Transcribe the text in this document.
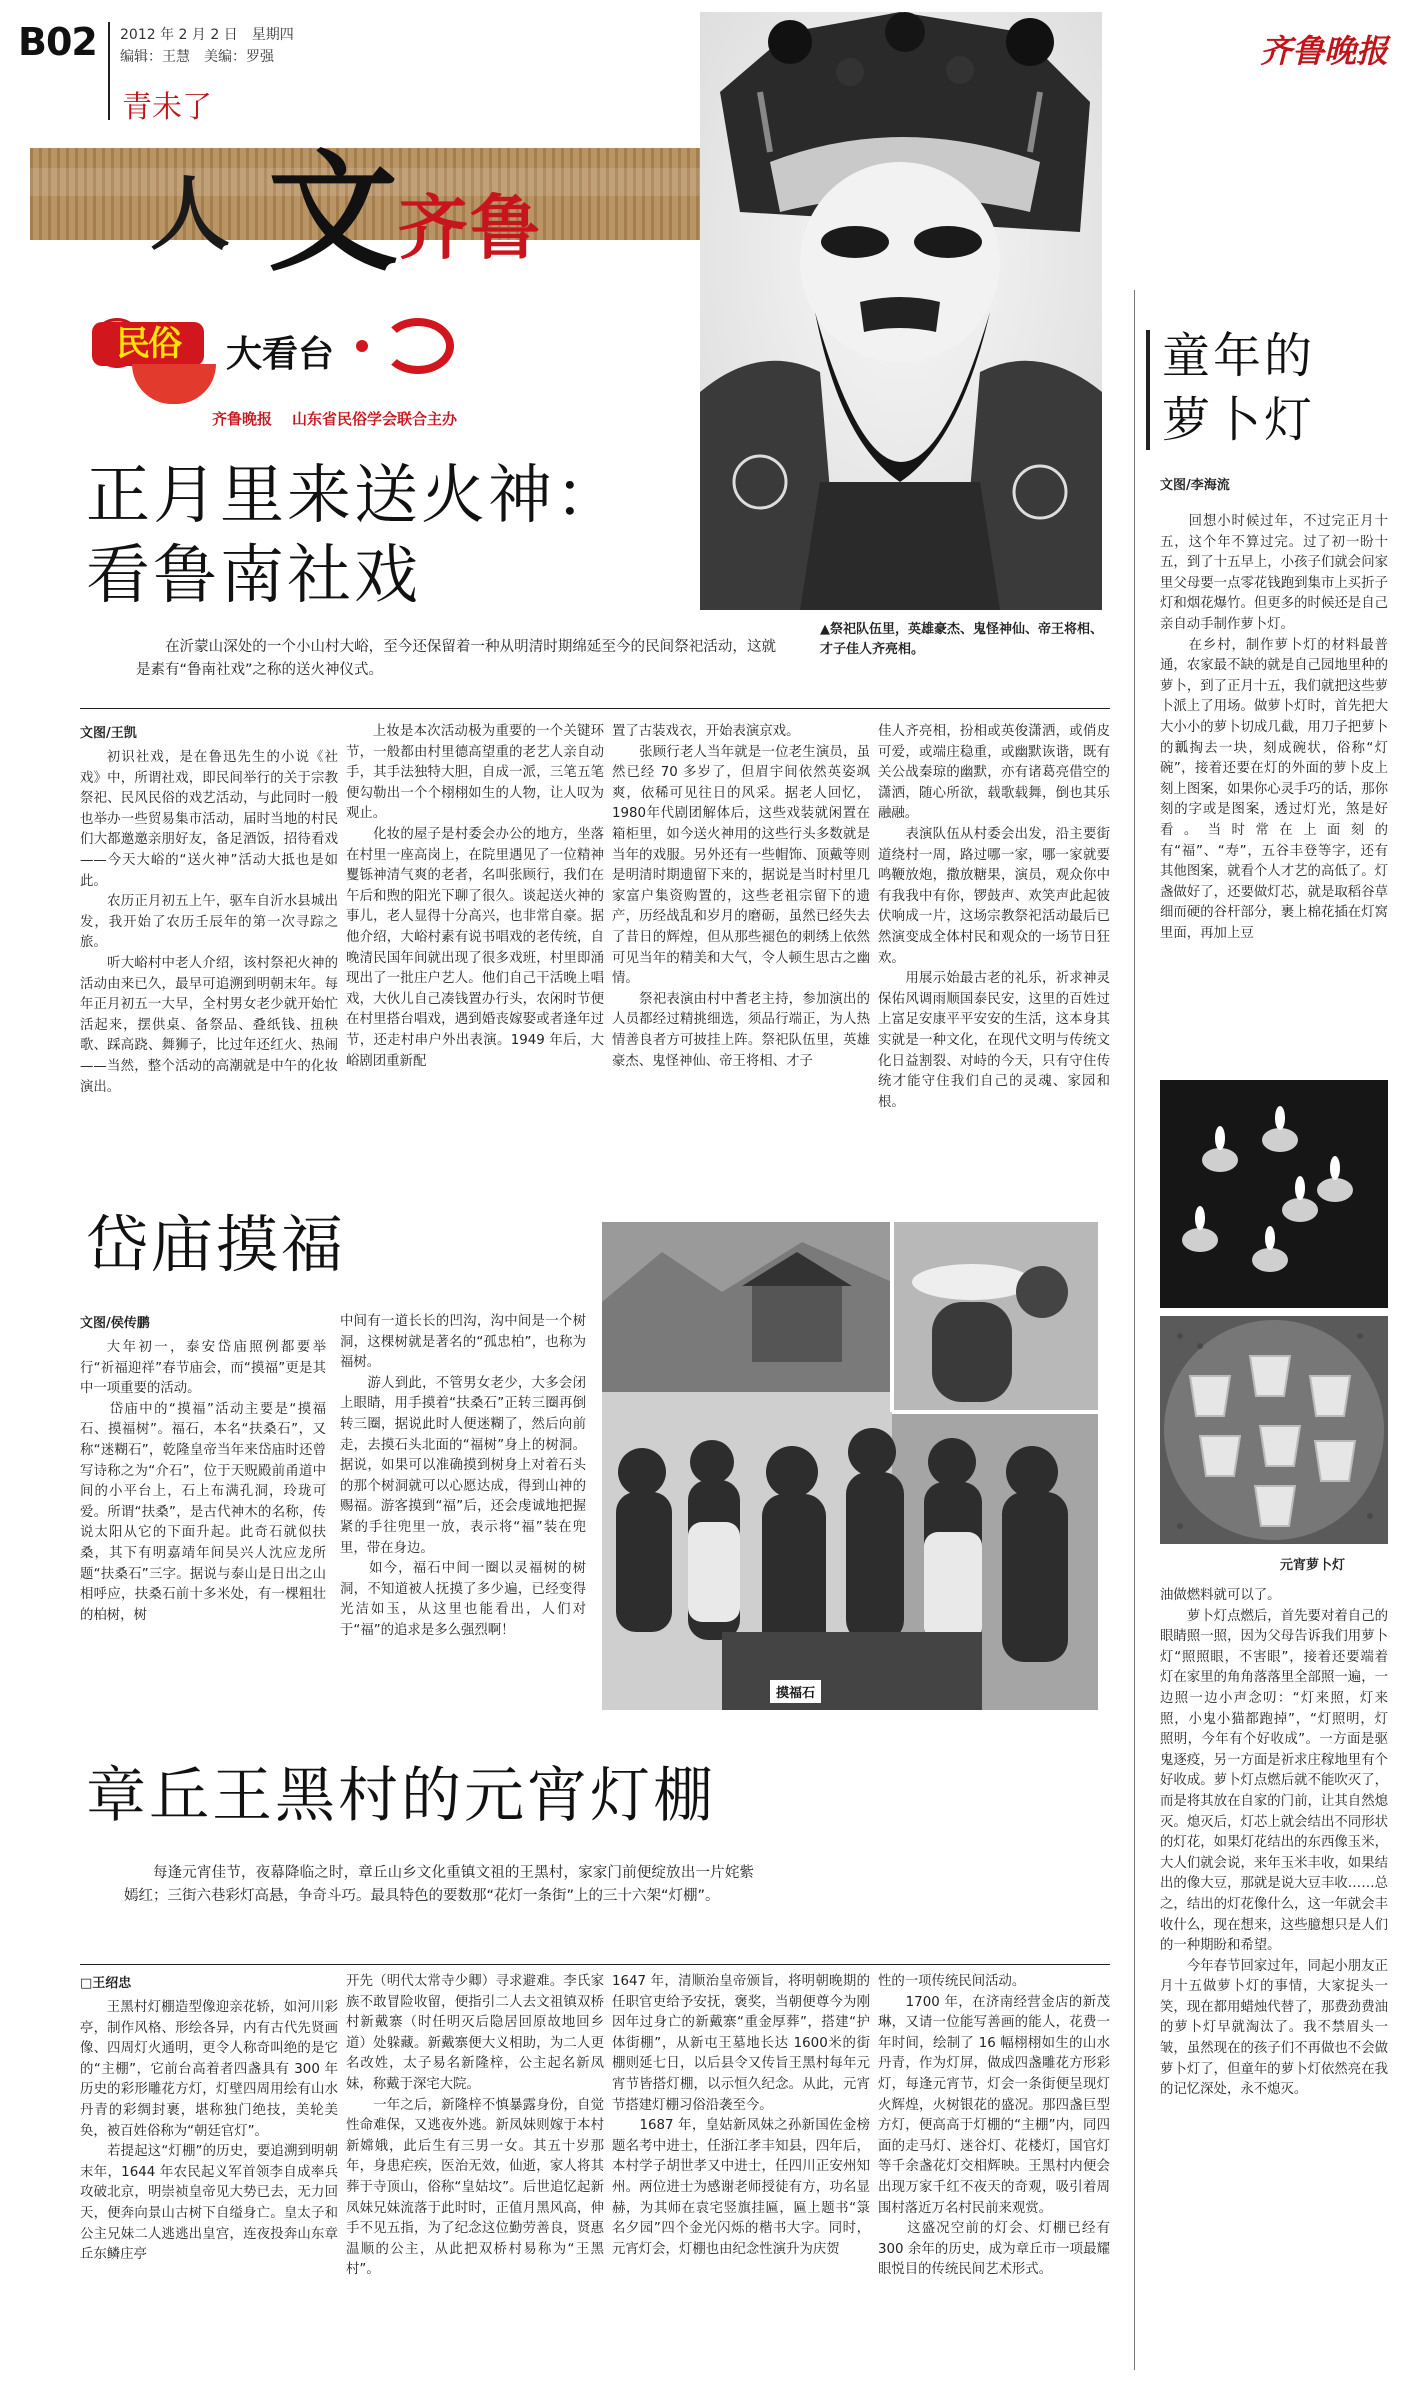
B02 2012 年 2 月 2 日　星期四
编辑：王慧　美编：罗强
青未了
齐鲁晚报
人 文 齐鲁
民俗	大看台
齐鲁晚报 山东省民俗学会联合主办
▲祭祀队伍里，英雄豪杰、鬼怪神仙、帝王将相、才子佳人齐亮相。
正月里来送火神：
看鲁南社戏
在沂蒙山深处的一个小山村大峪，至今还保留着一种从明清时期绵延至今的民间祭祀活动，这就是素有“鲁南社戏”之称的送火神仪式。
文图/王凯
初识社戏，是在鲁迅先生的小说《社戏》中，所谓社戏，即民间举行的关于宗教祭祀、民风民俗的戏艺活动，与此同时一般也举办一些贸易集市活动，届时当地的村民们大都邀邀亲朋好友，备足酒饭，招待看戏——今天大峪的“送火神”活动大抵也是如此。
　　农历正月初五上午，驱车自沂水县城出发，我开始了农历壬辰年的第一次寻踪之旅。
　　听大峪村中老人介绍，该村祭祀火神的活动由来已久，最早可追溯到明朝末年。每年正月初五一大早，全村男女老少就开始忙活起来，摆供桌、备祭品、叠纸钱、扭秧歌、踩高跷、舞狮子，比过年还红火、热闹——当然，整个活动的高潮就是中午的化妆演出。
上妆是本次活动极为重要的一个关键环节，一般都由村里德高望重的老艺人亲自动手，其手法独特大胆，自成一派，三笔五笔便勾勒出一个个栩栩如生的人物，让人叹为观止。
　　化妆的屋子是村委会办公的地方，坐落在村里一座高岗上，在院里遇见了一位精神矍铄神清气爽的老者，名叫张顾行，我们在午后和煦的阳光下聊了很久。谈起送火神的事儿，老人显得十分高兴，也非常自豪。据他介绍，大峪村素有说书唱戏的老传统，自晚清民国年间就出现了很多戏班，村里即涌现出了一批庄户艺人。他们自己干活晚上唱戏，大伙儿自己凑钱置办行头，农闲时节便在村里搭台唱戏，遇到婚丧嫁娶或者逢年过节，还走村串户外出表演。1949 年后，大峪剧团重新配
置了古装戏衣，开始表演京戏。
　　张顾行老人当年就是一位老生演员，虽然已经 70 多岁了，但眉宇间依然英姿飒爽，依稀可见往日的风采。据老人回忆，1980年代剧团解体后，这些戏装就闲置在箱柜里，如今送火神用的这些行头多数就是当年的戏服。另外还有一些帽饰、顶戴等则是明清时期遗留下来的，据说是当时村里几家富户集资购置的，这些老祖宗留下的遗产，历经战乱和岁月的磨砺，虽然已经失去了昔日的辉煌，但从那些褪色的刺绣上依然可见当年的精美和大气，令人顿生思古之幽情。
　　祭祀表演由村中耆老主持，参加演出的人员都经过精挑细选，须品行端正，为人热情善良者方可披挂上阵。祭祀队伍里，英雄豪杰、鬼怪神仙、帝王将相、才子
佳人齐亮相，扮相或英俊潇洒，或俏皮可爱，或端庄稳重，或幽默诙谐，既有关公战秦琼的幽默，亦有诸葛亮借空的潇洒，随心所欲，载歌载舞，倒也其乐融融。
　　表演队伍从村委会出发，沿主要街道绕村一周，路过哪一家，哪一家就要鸣鞭放炮，撒放糖果，演员，观众你中有我我中有你，锣鼓声、欢笑声此起彼伏响成一片，这场宗教祭祀活动最后已然演变成全体村民和观众的一场节日狂欢。
　　用展示始最古老的礼乐，祈求神灵保佑风调雨顺国泰民安，这里的百姓过上富足安康平平安安的生活，这本身其实就是一种文化，在现代文明与传统文化日益割裂、对峙的今天，只有守住传统才能守住我们自己的灵魂、家园和根。
岱庙摸福
文图/侯传鹏
大年初一，泰安岱庙照例都要举行“祈福迎祥”春节庙会，而“摸福”更是其中一项重要的活动。
　　岱庙中的“摸福”活动主要是“摸福石、摸福树”。福石，本名“扶桑石”，又称“迷糊石”，乾隆皇帝当年来岱庙时还曾写诗称之为“介石”，位于天贶殿前甬道中间的小平台上，石上布满孔洞，玲珑可爱。所谓“扶桑”，是古代神木的名称，传说太阳从它的下面升起。此奇石就似扶桑，其下有明嘉靖年间吴兴人沈应龙所题“扶桑石”三字。据说与泰山是日出之山相呼应，扶桑石前十多米处，有一棵粗壮的柏树，树
中间有一道长长的凹沟，沟中间是一个树洞，这棵树就是著名的“孤忠柏”，也称为福树。
　　游人到此，不管男女老少，大多会闭上眼睛，用手摸着“扶桑石”正转三圈再倒转三圈，据说此时人便迷糊了，然后向前走，去摸石头北面的“福树”身上的树洞。据说，如果可以准确摸到树身上对着石头的那个树洞就可以心愿达成，得到山神的赐福。游客摸到“福”后，还会虔诚地把握紧的手往兜里一放，表示将“福”装在兜里，带在身边。
　　如今，福石中间一圈以灵福树的树洞，不知道被人抚摸了多少遍，已经变得光洁如玉，从这里也能看出，人们对于“福”的追求是多么强烈啊！
摸福石
章丘王黑村的元宵灯棚
每逢元宵佳节，夜幕降临之时，章丘山乡文化重镇文祖的王黑村，家家门前便绽放出一片姹紫嫣红；三街六巷彩灯高悬，争奇斗巧。最具特色的要数那“花灯一条街”上的三十六架“灯棚”。
□王绍忠
王黑村灯棚造型像迎亲花轿，如河川彩亭，制作风格、形绘各异，内有古代先贤画像、四周灯火通明，更令人称奇叫绝的是它的“主棚”，它前台高着者四盏具有 300 年历史的彩形雕花方灯，灯壁四周用绘有山水丹青的彩绸封裹，堪称独门绝技，美轮美奂，被百姓俗称为“朝廷官灯”。
　　若提起这“灯棚”的历史，要追溯到明朝末年，1644 年农民起义军首领李自成率兵攻破北京，明崇祯皇帝见大势已去，无力回天，便奔向景山古树下自缢身亡。皇太子和公主兄妹二人逃逃出皇宫，连夜投奔山东章丘东鳞庄亭
开先（明代太常寺少卿）寻求避难。李氏家族不敢冒险收留，便指引二人去文祖镇双桥村新戴寨（时任明灭后隐居回原故地回乡道）处躲藏。新戴寨便大义相助，为二人更名改姓，太子易名新隆梓，公主起名新凤妹，称戴于深宅大院。
　　一年之后，新隆梓不慎暴露身份，自觉性命难保，又逃夜外逃。新凤妹则嫁于本村新嫦娥，此后生有三男一女。其五十岁那年，身患疟疾，医治无效，仙逝，家人将其葬于寺顶山，俗称“皇姑坟”。后世追忆起新凤妹兄妹流落于此时时，正值月黑风高，伸手不见五指，为了纪念这位勤劳善良，贤惠温顺的公主，从此把双桥村易称为“王黑村”。
1647 年，清顺治皇帝颁旨，将明朝晚期的任职官吏给予安抚，褒奖，当朝便尊今为刚因年过身亡的新戴寨“重金厚葬”，搭建“护体街棚”，从新屯王墓地长达 1600米的街棚则延七日，以后县令又传旨王黑村每年元宵节皆搭灯棚，以示恒久纪念。从此，元宵节搭建灯棚习俗沿袭至今。
　　1687 年，皇姑新凤妹之孙新国佐金榜题名考中进士，任浙江孝丰知县，四年后，本村学子胡世孝又中进士，任四川正安州知州。两位进士为感谢老师授徒有方，功名显赫，为其师在袁宅竖旗挂匾，匾上题书“箓名夕园”四个金光闪烁的楷书大字。同时，元宵灯会，灯棚也由纪念性演升为庆贺
性的一项传统民间活动。
　　1700 年，在济南经营金店的新茂琳，又请一位能写善画的能人，花费一年时间，绘制了 16 幅栩栩如生的山水丹青，作为灯屏，做成四盏雕花方形彩灯，每逢元宵节，灯会一条街便呈现灯火辉煌，火树银花的盛况。那四盏巨型方灯，便高高于灯棚的“主棚”内，同四面的走马灯、迷谷灯、花楼灯，国官灯等千余盏花灯交相辉映。王黑村内便会出现万家千红不夜天的奇观，吸引着周围村落近万名村民前来观赏。
　　这盛况空前的灯会、灯棚已经有 300 余年的历史，成为章丘市一项最耀眼悦目的传统民间艺术形式。
童年的
萝卜灯
文图/李海流
　　回想小时候过年，不过完正月十五，这个年不算过完。过了初一盼十五，到了十五早上，小孩子们就会问家里父母要一点零花钱跑到集市上买折子灯和烟花爆竹。但更多的时候还是自己亲自动手制作萝卜灯。
　　在乡村，制作萝卜灯的材料最普通，农家最不缺的就是自己园地里种的萝卜，到了正月十五，我们就把这些萝卜派上了用场。做萝卜灯时，首先把大大小小的萝卜切成几截，用刀子把萝卜的瓤掏去一块，刻成碗状，俗称“灯碗”，接着还要在灯的外面的萝卜皮上刻上图案，如果你心灵手巧的话，那你刻的字或是图案，透过灯光，煞是好看。当时常在上面刻的有“福”、“寿”，五谷丰登等字，还有其他图案，就看个人才艺的高低了。灯盏做好了，还要做灯芯，就是取稻谷草细而硬的谷杆部分，裹上棉花插在灯窝里面，再加上豆
元宵萝卜灯
油做燃料就可以了。
　　萝卜灯点燃后，首先要对着自己的眼睛照一照，因为父母告诉我们用萝卜灯“照照眼，不害眼”，接着还要端着灯在家里的角角落落里全部照一遍，一边照一边小声念叨：“灯来照，灯来照，小鬼小猫都跑掉”，“灯照明，灯照明，今年有个好收成”。一方面是驱鬼逐疫，另一方面是祈求庄稼地里有个好收成。萝卜灯点燃后就不能吹灭了，而是将其放在自家的门前，让其自然熄灭。熄灭后，灯芯上就会结出不同形状的灯花，如果灯花结出的东西像玉米，大人们就会说，来年玉米丰收，如果结出的像大豆，那就是说大豆丰收……总之，结出的灯花像什么，这一年就会丰收什么，现在想来，这些臆想只是人们的一种期盼和希望。
　　今年春节回家过年，同起小朋友正月十五做萝卜灯的事情，大家捉头一笑，现在都用蜡烛代替了，那费劲费油的萝卜灯早就淘汰了。我不禁眉头一皱，虽然现在的孩子们不再做也不会做萝卜灯了，但童年的萝卜灯依然亮在我的记忆深处，永不熄灭。
